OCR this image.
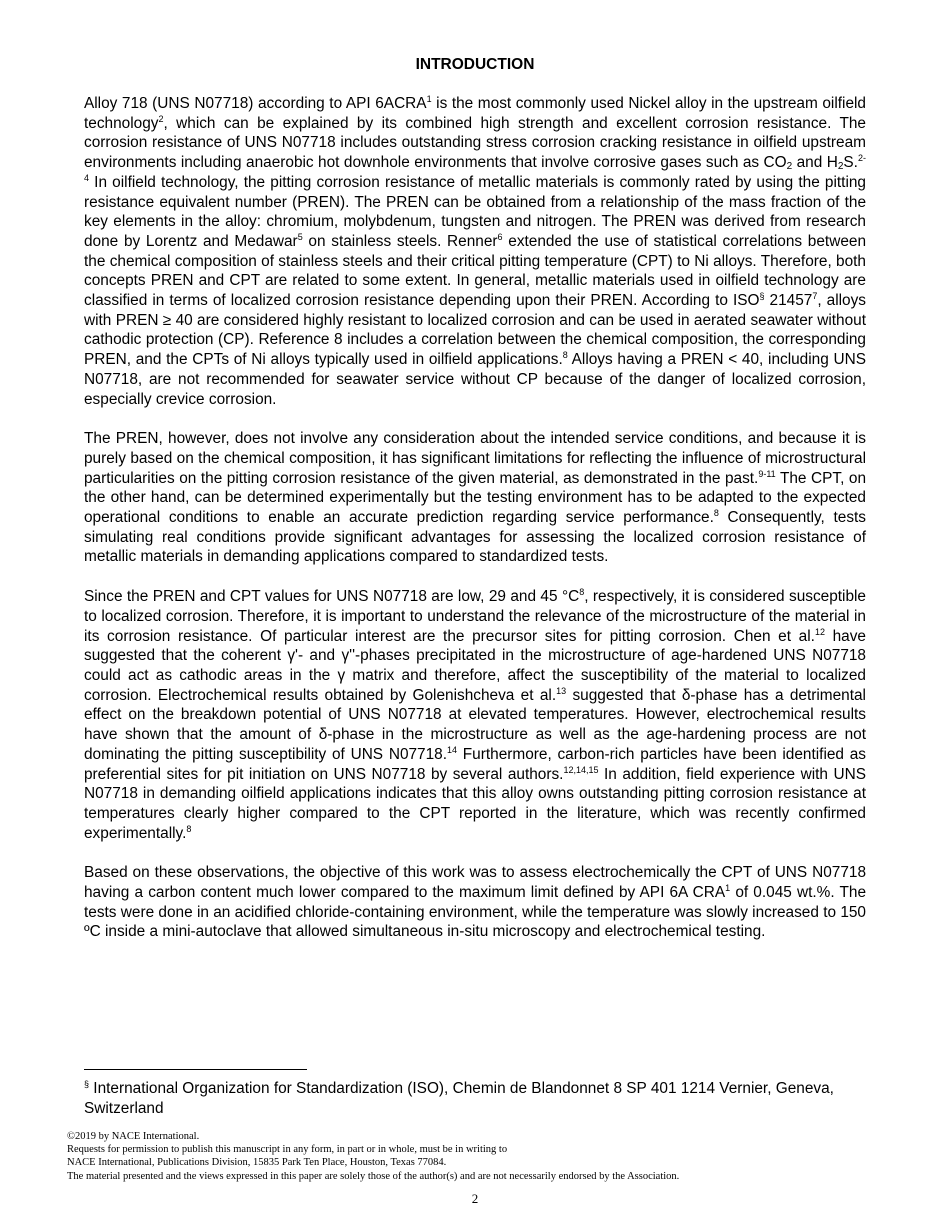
INTRODUCTION

Alloy 718 (UNS N07718) according to API 6ACRA$^1$ is the most commonly used Nickel alloy in the upstream oilfield technology$^2$, which can be explained by its combined high strength and excellent corrosion resistance. The corrosion resistance of UNS N07718 includes outstanding stress corrosion cracking resistance in oilfield upstream environments including anaerobic hot downhole environments that involve corrosive gases such as $CO_2$ and $H_2S.^{2-4}$ In oilfield technology, the pitting corrosion resistance of metallic materials is commonly rated by using the pitting resistance equivalent number (PREN). The PREN can be obtained from a relationship of the mass fraction of the key elements in the alloy: chromium, molybdenum, tungsten and nitrogen. The PREN was derived from research done by Lorentz and Medawar$^5$ on stainless steels. Renner$^6$ extended the use of statistical correlations between the chemical composition of stainless steels and their critical pitting temperature (CPT) to Ni alloys. Therefore, both concepts PREN and CPT are related to some extent. In general, metallic materials used in oilfield technology are classified in terms of localized corrosion resistance depending upon their PREN. According to ISO§ 21457$^7$, alloys with PREN ≥ 40 are considered highly resistant to localized corrosion and can be used in aerated seawater without cathodic protection (CP). Reference 8 includes a correlation between the chemical composition, the corresponding PREN, and the CPTs of Ni alloys typically used in oilfield applications.$^8$ Alloys having a PREN < 40, including UNS N07718, are not recommended for seawater service without CP because of the danger of localized corrosion, especially crevice corrosion.

The PREN, however, does not involve any consideration about the intended service conditions, and because it is purely based on the chemical composition, it has significant limitations for reflecting the influence of microstructural particularities on the pitting corrosion resistance of the given material, as demonstrated in the past.$^{9-11}$ The CPT, on the other hand, can be determined experimentally but the testing environment has to be adapted to the expected operational conditions to enable an accurate prediction regarding service performance.$^8$ Consequently, tests simulating real conditions provide significant advantages for assessing the localized corrosion resistance of metallic materials in demanding applications compared to standardized tests.

Since the PREN and CPT values for UNS N07718 are low, 29 and 45 $^\circ C^8$, respectively, it is considered susceptible to localized corrosion. Therefore, it is important to understand the relevance of the microstructure of the material in its corrosion resistance. Of particular interest are the precursor sites for pitting corrosion. Chen et al.$^{12}$ have suggested that the coherent γ'- and γ''-phases precipitated in the microstructure of age-hardened UNS N07718 could act as cathodic areas in the γ matrix and therefore, affect the susceptibility of the material to localized corrosion. Electrochemical results obtained by Golenishcheva et al.$^{13}$ suggested that δ-phase has a detrimental effect on the breakdown potential of UNS N07718 at elevated temperatures. However, electrochemical results have shown that the amount of δ-phase in the microstructure as well as the age-hardening process are not dominating the pitting susceptibility of UNS N07718.14 Furthermore, carbon-rich particles have been identified as preferential sites for pit initiation on UNS N07718 by several authors.$^{12,14,15}$ In addition, field experience with UNS N07718 in demanding oilfield applications indicates that this alloy owns outstanding pitting corrosion resistance at temperatures clearly higher compared to the CPT reported in the literature, which was recently confirmed experimentally.$^8$

Based on these observations, the objective of this work was to assess electrochemically the CPT of UNS N07718 having a carbon content much lower compared to the maximum limit defined by API 6A CRA$^1$ of 0.045 wt.%. The tests were done in an acidified chloride-containing environment, while the temperature was slowly increased to 150 ºC inside a mini-autoclave that allowed simultaneous in-situ microscopy and electrochemical testing.

§ International Organization for Standardization (ISO), Chemin de Blandonnet 8 SP 401 1214 Vernier, Geneva, Switzerland
©2019 by NACE International.
Requests for permission to publish this manuscript in any form, in part or in whole, must be in writing to
NACE International, Publications Division, 15835 Park Ten Place, Houston, Texas 77084.
The material presented and the views expressed in this paper are solely those of the author(s) and are not necessarily endorsed by the Association.
2
